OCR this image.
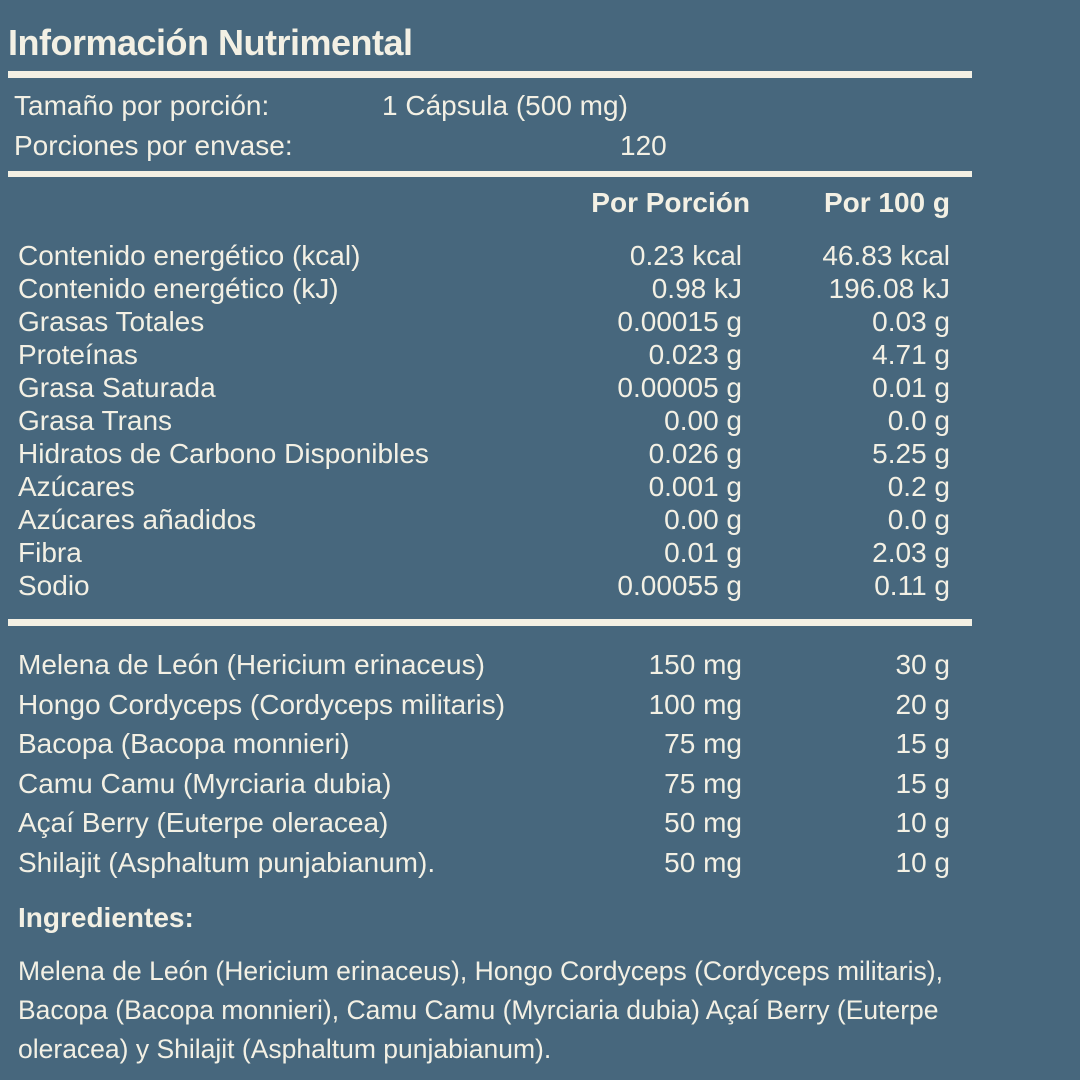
Información Nutrimental
Tamaño por porción:	1 Cápsula (500 mg)
Porciones por envase:	120
Por Porción	Por 100 g
Contenido energético (kcal)	0.23 kcal	46.83 kcal
Contenido energético (kJ)	0.98 kJ	196.08 kJ
Grasas Totales	0.00015 g	0.03 g
Proteínas	0.023 g	4.71 g
Grasa Saturada	0.00005 g	0.01 g
Grasa Trans	0.00 g	0.0 g
Hidratos de Carbono Disponibles	0.026 g	5.25 g
Azúcares	0.001 g	0.2 g
Azúcares añadidos	0.00 g	0.0 g
Fibra	0.01 g	2.03 g
Sodio	0.00055 g	0.11 g
Melena de León (Hericium erinaceus)	150 mg	30 g
Hongo Cordyceps (Cordyceps militaris)	100 mg	20 g
Bacopa (Bacopa monnieri)	75 mg	15 g
Camu Camu (Myrciaria dubia)	75 mg	15 g
Açaí Berry (Euterpe oleracea)	50 mg	10 g
Shilajit (Asphaltum punjabianum).	50 mg	10 g
Ingredientes:
Melena de León (Hericium erinaceus), Hongo Cordyceps (Cordyceps militaris), Bacopa (Bacopa monnieri), Camu Camu (Myrciaria dubia) Açaí Berry (Euterpe oleracea) y Shilajit (Asphaltum punjabianum).
